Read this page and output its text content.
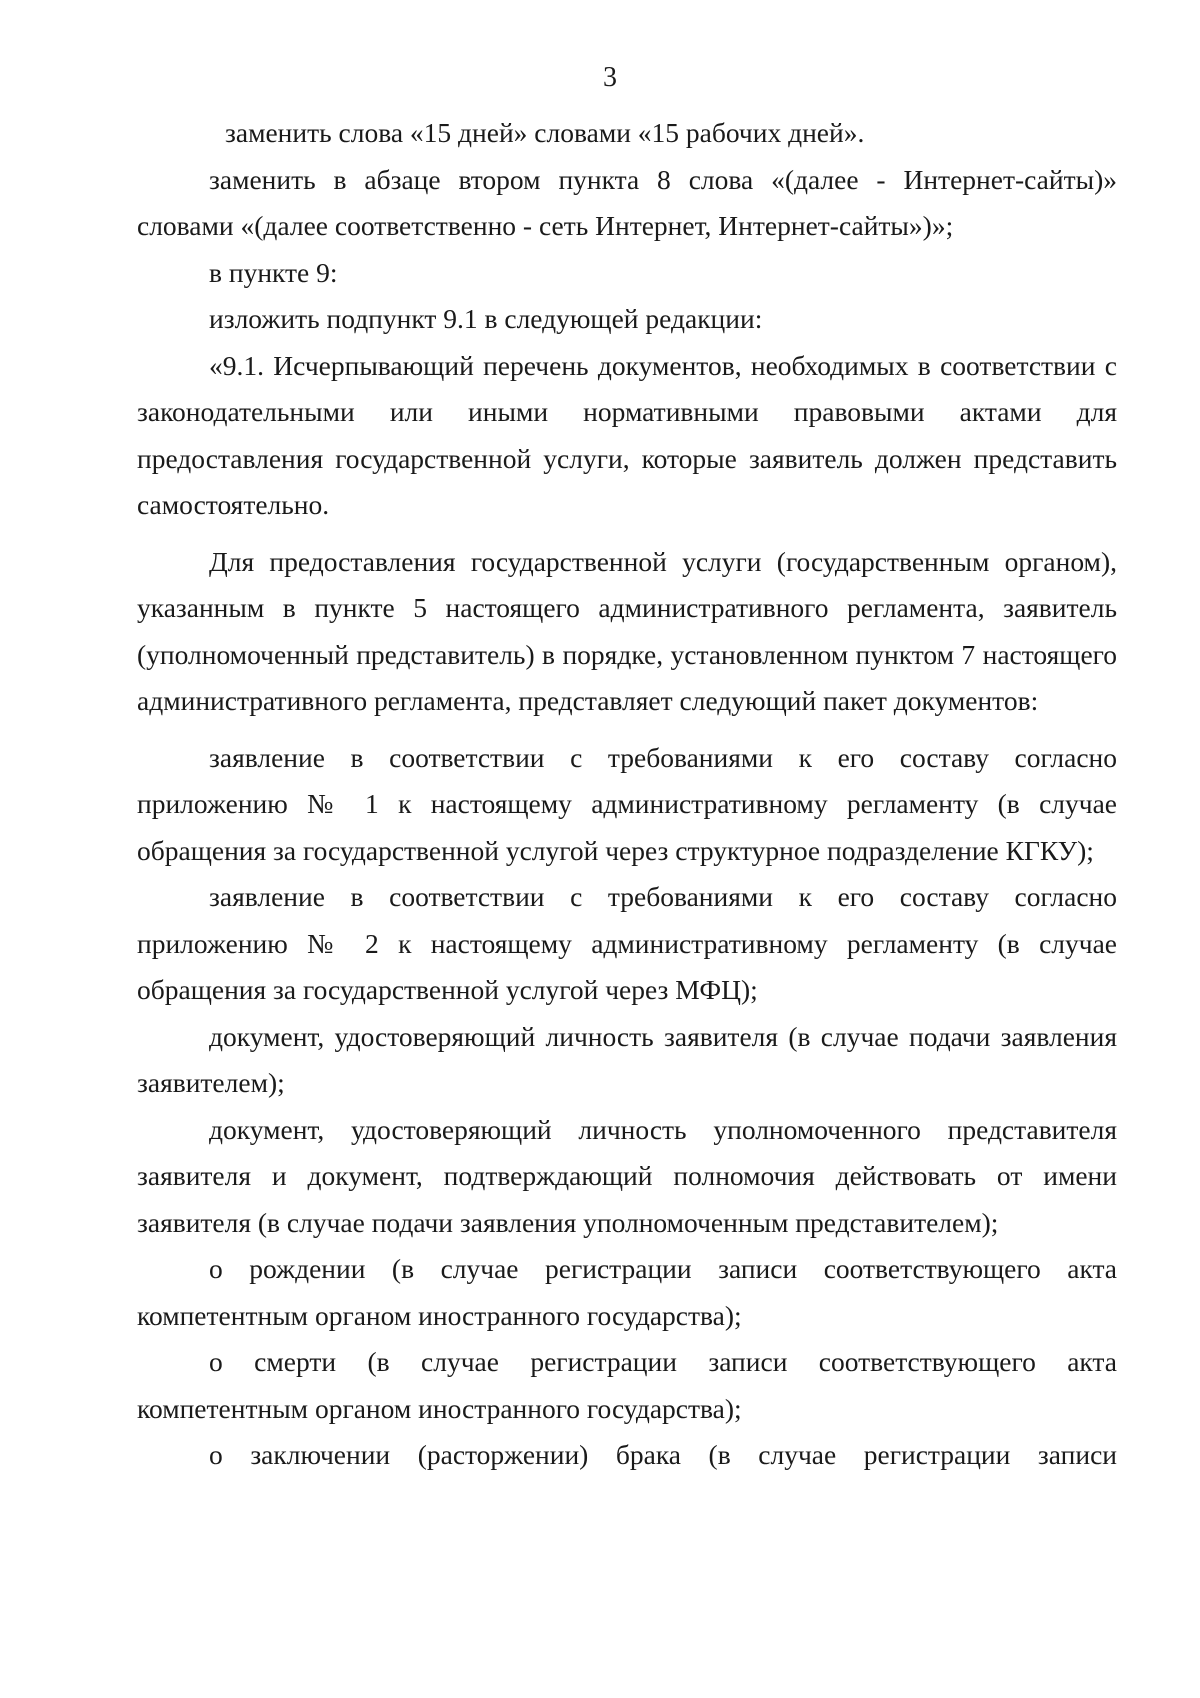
3

заменить слова «15 дней» словами «15 рабочих дней».

заменить в абзаце втором пункта 8 слова «(далее - Интернет-сайты)» словами «(далее соответственно - сеть Интернет, Интернет-сайты»)»;

в пункте 9:

изложить подпункт 9.1 в следующей редакции:

«9.1. Исчерпывающий перечень документов, необходимых в соответствии с законодательными или иными нормативными правовыми актами для предоставления государственной услуги, которые заявитель должен представить самостоятельно.

Для предоставления государственной услуги (государственным органом), указанным в пункте 5 настоящего административного регламента, заявитель (уполномоченный представитель) в порядке, установленном пунктом 7 настоящего административного регламента, представляет следующий пакет документов:

заявление в соответствии с требованиями к его составу согласно приложению № 1 к настоящему административному регламенту (в случае обращения за государственной услугой через структурное подразделение КГКУ);

заявление в соответствии с требованиями к его составу согласно приложению № 2 к настоящему административному регламенту (в случае обращения за государственной услугой через МФЦ);

документ, удостоверяющий личность заявителя (в случае подачи заявления заявителем);

документ, удостоверяющий личность уполномоченного представителя заявителя и документ, подтверждающий полномочия действовать от имени заявителя (в случае подачи заявления уполномоченным представителем);

о рождении (в случае регистрации записи соответствующего акта компетентным органом иностранного государства);

о смерти (в случае регистрации записи соответствующего акта компетентным органом иностранного государства);

о заключении (расторжении) брака (в случае регистрации записи
